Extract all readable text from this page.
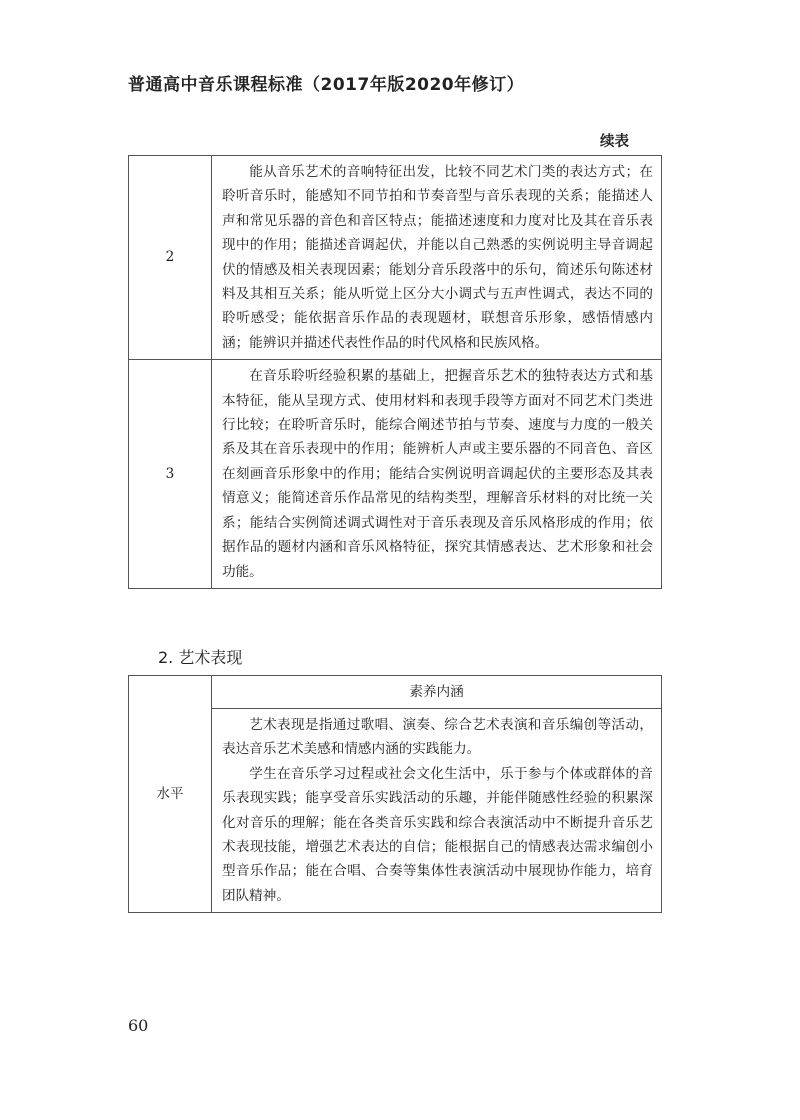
普通高中音乐课程标准（2017年版2020年修订）
续表
2	能从音乐艺术的音响特征出发，比较不同艺术门类的表达方式；在聆听音乐时，能感知不同节拍和节奏音型与音乐表现的关系；能描述人声和常见乐器的音色和音区特点；能描述速度和力度对比及其在音乐表现中的作用；能描述音调起伏，并能以自己熟悉的实例说明主导音调起伏的情感及相关表现因素；能划分音乐段落中的乐句，简述乐句陈述材料及其相互关系；能从听觉上区分大小调式与五声性调式，表达不同的聆听感受；能依据音乐作品的表现题材，联想音乐形象，感悟情感内涵；能辨识并描述代表性作品的时代风格和民族风格。

3	在音乐聆听经验积累的基础上，把握音乐艺术的独特表达方式和基本特征，能从呈现方式、使用材料和表现手段等方面对不同艺术门类进行比较；在聆听音乐时，能综合阐述节拍与节奏、速度与力度的一般关系及其在音乐表现中的作用；能辨析人声或主要乐器的不同音色、音区在刻画音乐形象中的作用；能结合实例说明音调起伏的主要形态及其表情意义；能简述音乐作品常见的结构类型，理解音乐材料的对比统一关系；能结合实例简述调式调性对于音乐表现及音乐风格形成的作用；依据作品的题材内涵和音乐风格特征，探究其情感表达、艺术形象和社会功能。

2. 艺术表现
水平	素养内涵

艺术表现是指通过歌唱、演奏、综合艺术表演和音乐编创等活动，表达音乐艺术美感和情感内涵的实践能力。

学生在音乐学习过程或社会文化生活中，乐于参与个体或群体的音乐表现实践；能享受音乐实践活动的乐趣，并能伴随感性经验的积累深化对音乐的理解；能在各类音乐实践和综合表演活动中不断提升音乐艺术表现技能，增强艺术表达的自信；能根据自己的情感表达需求编创小型音乐作品；能在合唱、合奏等集体性表演活动中展现协作能力，培育团队精神。

60
